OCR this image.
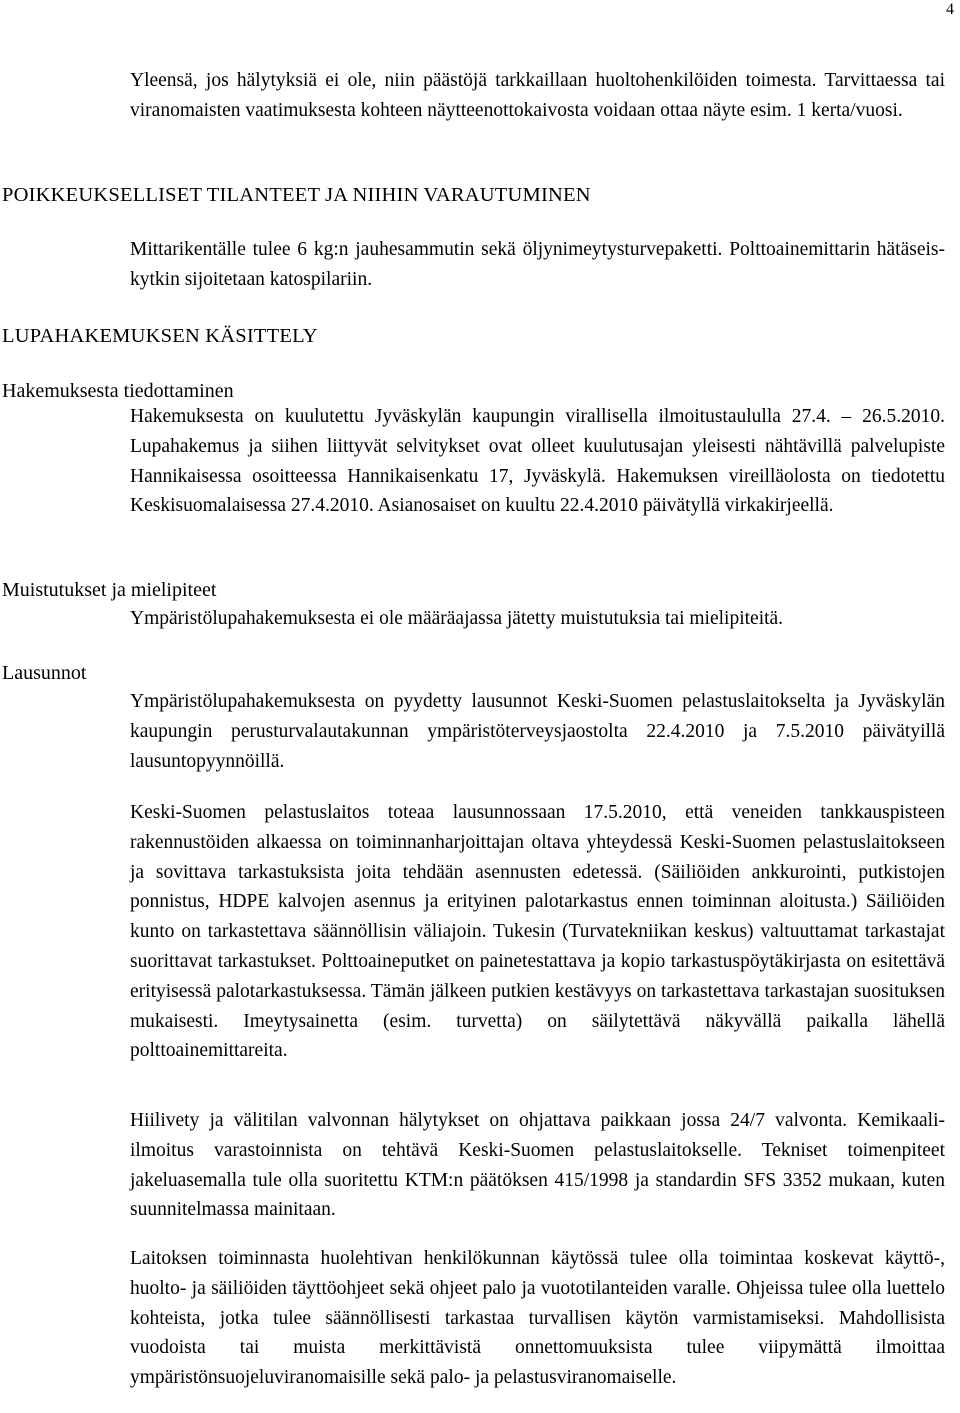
4

Yleensä, jos hälytyksiä ei ole, niin päästöjä tarkkaillaan huoltohenkilöiden toimesta. Tarvittaessa tai viranomaisten vaatimuksesta kohteen näytteenottokaivosta voidaan ottaa näyte esim. 1 kerta/vuosi.

POIKKEUKSELLISET TILANTEET JA NIIHIN VARAUTUMINEN

Mittarikentälle tulee 6 kg:n jauhesammutin sekä öljynimeytysturvepaketti. Polttoainemittarin hätäseis- kytkin sijoitetaan katospilariin.

LUPAHAKEMUKSEN KÄSITTELY
Hakemuksesta tiedottaminen

Hakemuksesta on kuulutettu Jyväskylän kaupungin virallisella ilmoitustaululla 27.4. – 26.5.2010. Lupahakemus ja siihen liittyvät selvitykset ovat olleet kuulutusajan yleisesti nähtävillä palvelupiste Hannikaisessa osoitteessa Hannikaisenkatu 17, Jyväskylä. Hakemuksen vireilläolosta on tiedotettu Keskisuomalaisessa 27.4.2010. Asianosaiset on kuultu 22.4.2010 päivätyllä virkakirjeellä.

Muistutukset ja mielipiteet

Ympäristölupahakemuksesta ei ole määräajassa jätetty muistutuksia tai mielipiteitä.

Lausunnot

Ympäristölupahakemuksesta on pyydetty lausunnot Keski-Suomen pelastuslaitokselta ja Jyväskylän kaupungin perusturvalautakunnan ympäristöterveysjaostolta 22.4.2010 ja 7.5.2010 päivätyillä lausuntopyynnöillä.

Keski-Suomen pelastuslaitos toteaa lausunnossaan 17.5.2010, että veneiden tankkauspisteen rakennustöiden alkaessa on toiminnanharjoittajan oltava yhteydessä Keski-Suomen pelastuslaitokseen ja sovittava tarkastuksista joita tehdään asennusten edetessä. (Säiliöiden ankkurointi, putkistojen ponnistus, HDPE kalvojen asennus ja erityinen palotarkastus ennen toiminnan aloitusta.) Säiliöiden kunto on tarkastettava säännöllisin väliajoin. Tukesin (Turvatekniikan keskus) valtuuttamat tarkastajat suorittavat tarkastukset. Polttoaineputket on painetestattava ja kopio tarkastuspöytäkirjasta on esitettävä erityisessä palotarkastuksessa. Tämän jälkeen putkien kestävyys on tarkastettava tarkastajan suosituksen mukaisesti. Imeytysainetta (esim. turvetta) on säilytettävä näkyvällä paikalla lähellä polttoainemittareita.

Hiilivety ja välitilan valvonnan hälytykset on ohjattava paikkaan jossa 24/7 valvonta. Kemikaali-ilmoitus varastoinnista on tehtävä Keski-Suomen pelastuslaitokselle. Tekniset toimenpiteet jakeluasemalla tule olla suoritettu KTM:n päätöksen 415/1998 ja standardin SFS 3352 mukaan, kuten suunnitelmassa mainitaan.

Laitoksen toiminnasta huolehtivan henkilökunnan käytössä tulee olla toimintaa koskevat käyttö-, huolto- ja säiliöiden täyttöohjeet sekä ohjeet palo ja vuototilanteiden varalle. Ohjeissa tulee olla luettelo kohteista, jotka tulee säännöllisesti tarkastaa turvallisen käytön varmistamiseksi. Mahdollisista vuodoista tai muista merkittävistä onnettomuuksista tulee viipymättä ilmoittaa ympäristönsuojeluviranomaisille sekä palo- ja pelastusviranomaiselle.
